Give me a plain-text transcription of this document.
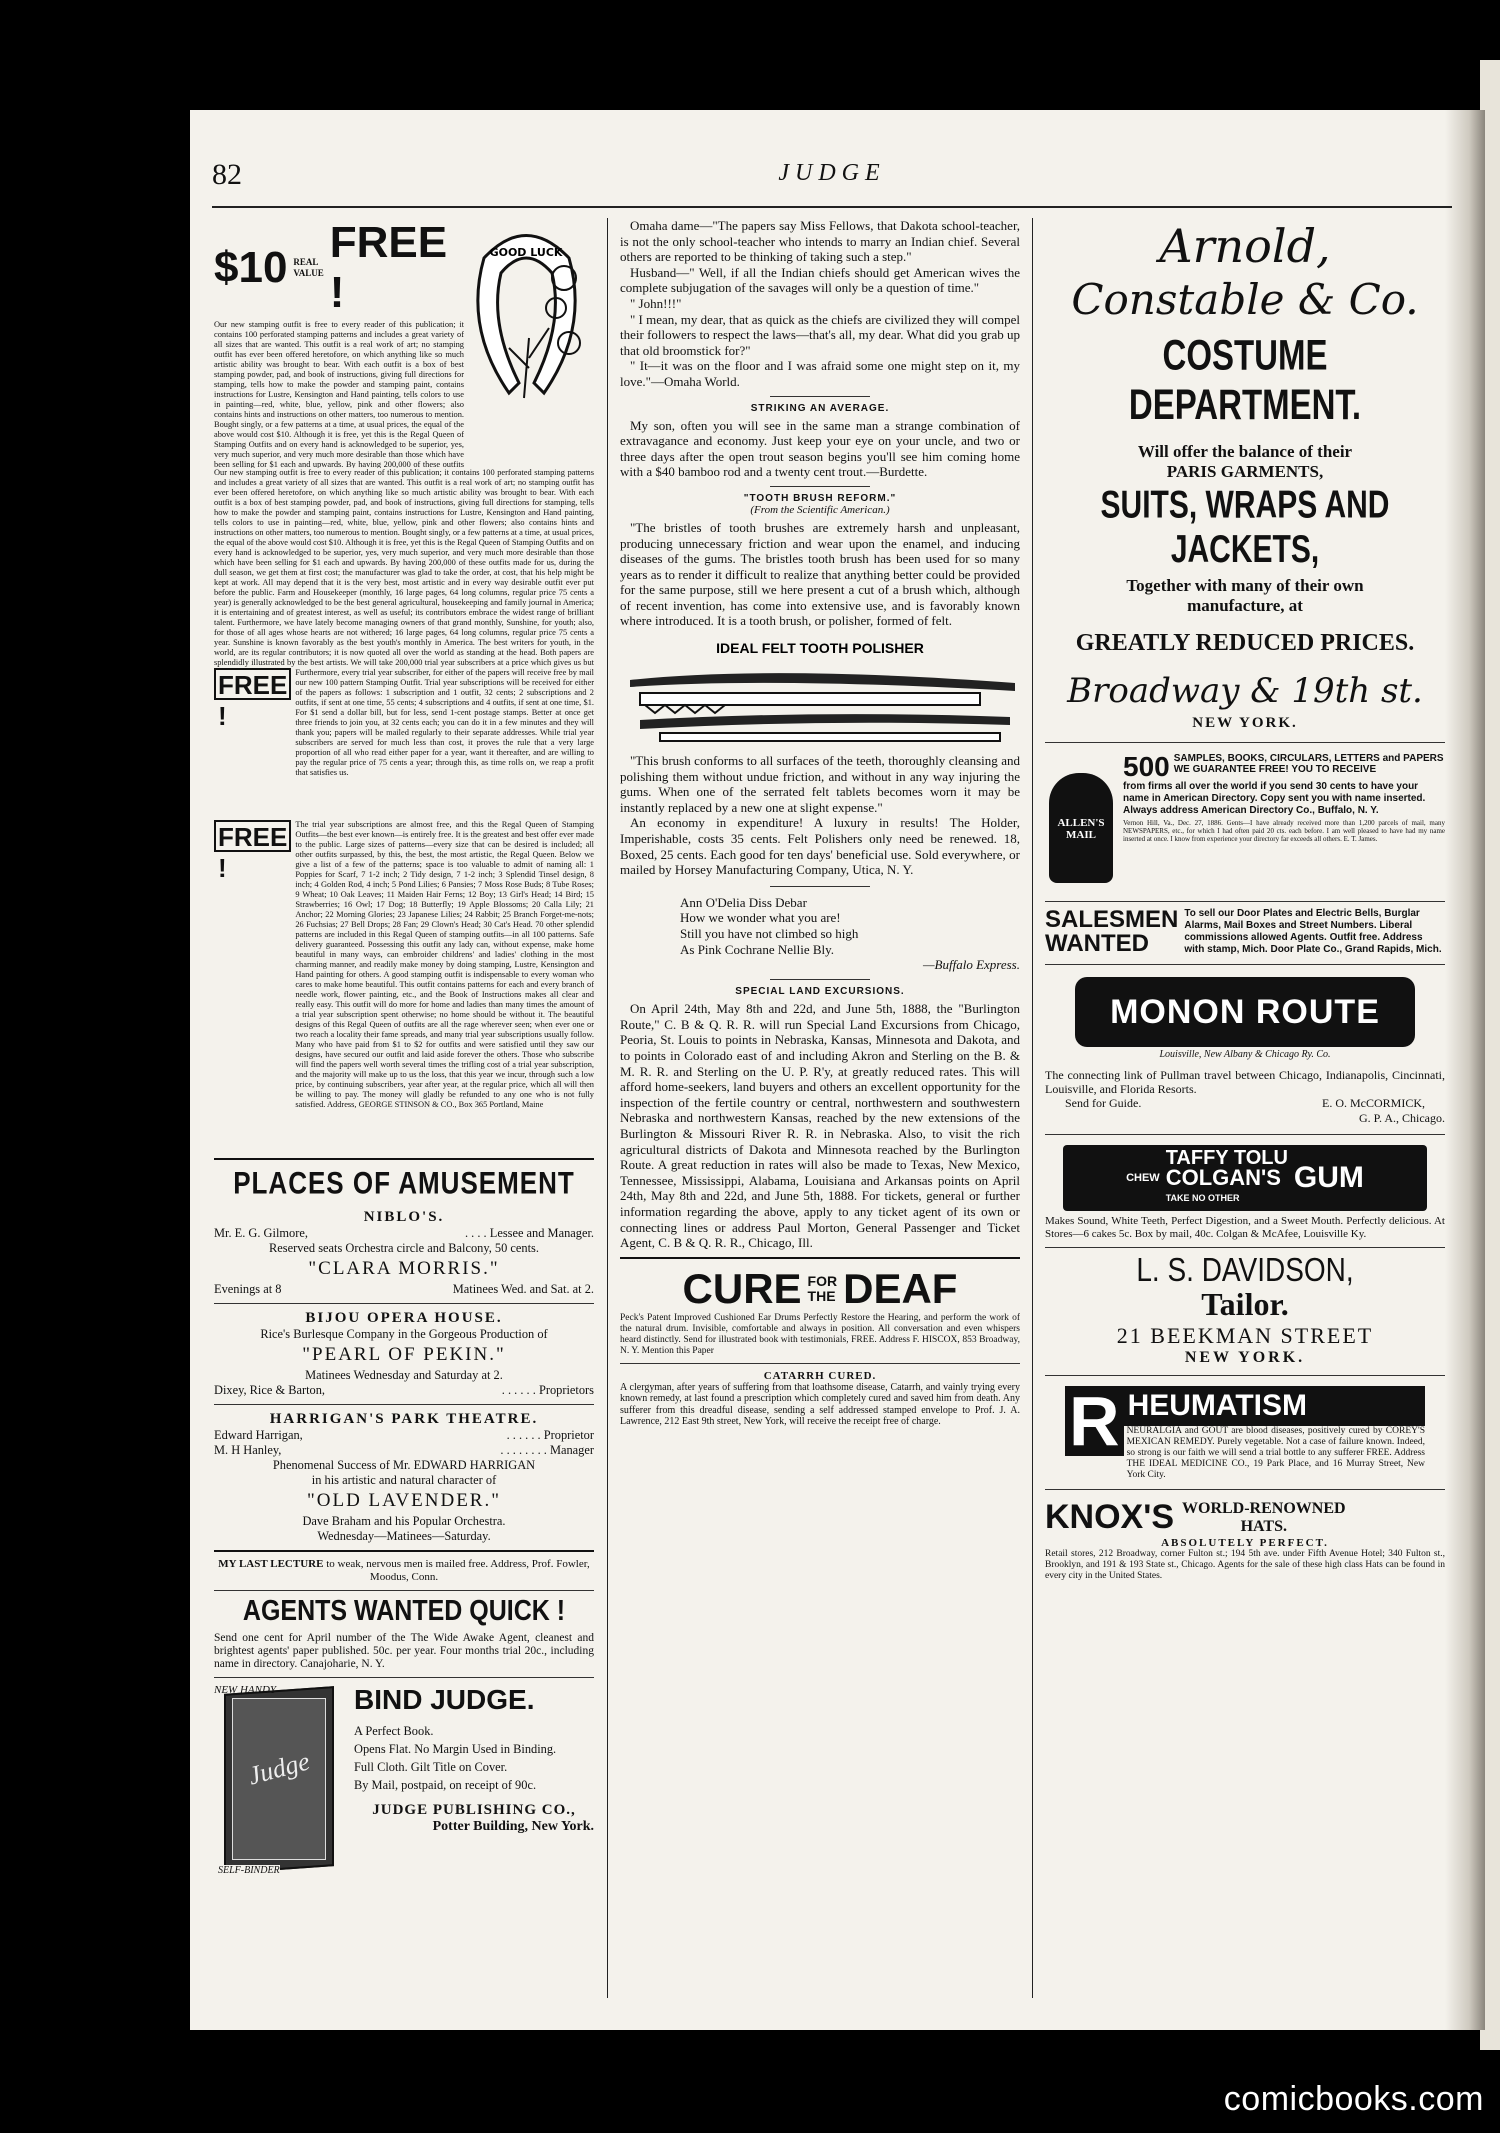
82	JUDGE
$10 REAL
VALUE
FREE !

Our new stamping outfit is free to every reader of this publication; it contains 100 perforated stamping patterns and includes a great variety of all sizes that are wanted. This outfit is a real work of art; no stamping outfit has ever been offered heretofore, on which anything like so much artistic ability was brought to bear. With each outfit is a box of best stamping powder, pad, and book of instructions, giving full directions for stamping, tells how to make the powder and stamping paint, contains instructions for Lustre, Kensington and Hand painting, tells colors to use in painting—red, white, blue, yellow, pink and other flowers; also contains hints and instructions on other matters, too numerous to mention. Bought singly, or a few patterns at a time, at usual prices, the equal of the above would cost $10. Although it is free, yet this is the Regal Queen of Stamping Outfits and on every hand is acknowledged to be superior, yes, very much superior, and very much more desirable than those which have been selling for $1 each and upwards. By having 200,000 of these outfits

GOOD LUCK

Our new stamping outfit is free to every reader of this publication; it contains 100 perforated stamping patterns and includes a great variety of all sizes that are wanted. This outfit is a real work of art; no stamping outfit has ever been offered heretofore, on which anything like so much artistic ability was brought to bear. With each outfit is a box of best stamping powder, pad, and book of instructions, giving full directions for stamping, tells how to make the powder and stamping paint, contains instructions for Lustre, Kensington and Hand painting, tells colors to use in painting—red, white, blue, yellow, pink and other flowers; also contains hints and instructions on other matters, too numerous to mention. Bought singly, or a few patterns at a time, at usual prices, the equal of the above would cost $10. Although it is free, yet this is the Regal Queen of Stamping Outfits and on every hand is acknowledged to be superior, yes, very much superior, and very much more desirable than those which have been selling for $1 each and upwards. By having 200,000 of these outfits made for us, during the dull season, we get them at first cost; the manufacturer was glad to take the order, at cost, that his help might be kept at work. All may depend that it is the very best, most artistic and in every way desirable outfit ever put before the public. Farm and Housekeeper (monthly, 16 large pages, 64 long columns, regular price 75 cents a year) is generally acknowledged to be the best general agricultural, housekeeping and family journal in America; it is entertaining and of greatest interest, as well as useful; its contributors embrace the widest range of brilliant talent. Furthermore, we have lately become managing owners of that grand monthly, Sunshine, for youth; also, for those of all ages whose hearts are not withered; 16 large pages, 64 long columns, regular price 75 cents a year. Sunshine is known favorably as the best youth's monthly in America. The best writers for youth, in the world, are its regular contributors; it is now quoted all over the world as standing at the head. Both papers are splendidly illustrated by the best artists. We will take 200,000 trial year subscribers at a price which gives us but

FREE !

Furthermore, every trial year subscriber, for either of the papers will receive free by mail our new 100 pattern Stamping Outfit. Trial year subscriptions will be received for either of the papers as follows: 1 subscription and 1 outfit, 32 cents; 2 subscriptions and 2 outfits, if sent at one time, 55 cents; 4 subscriptions and 4 outfits, if sent at one time, $1. For $1 send a dollar bill, but for less, send 1-cent postage stamps. Better at once get three friends to join you, at 32 cents each; you can do it in a few minutes and they will thank you; papers will be mailed regularly to their separate addresses. While trial year subscribers are served for much less than cost, it proves the rule that a very large proportion of all who read either paper for a year, want it thereafter, and are willing to pay the regular price of 75 cents a year; through this, as time rolls on, we reap a profit that satisfies us.

FREE !

The trial year subscriptions are almost free, and this the Regal Queen of Stamping Outfits—the best ever known—is entirely free. It is the greatest and best offer ever made to the public. Large sizes of patterns—every size that can be desired is included; all other outfits surpassed, by this, the best, the most artistic, the Regal Queen. Below we give a list of a few of the patterns; space is too valuable to admit of naming all: 1 Poppies for Scarf, 7 1-2 inch; 2 Tidy design, 7 1-2 inch; 3 Splendid Tinsel design, 8 inch; 4 Golden Rod, 4 inch; 5 Pond Lilies; 6 Pansies; 7 Moss Rose Buds; 8 Tube Roses; 9 Wheat; 10 Oak Leaves; 11 Maiden Hair Ferns; 12 Boy; 13 Girl's Head; 14 Bird; 15 Strawberries; 16 Owl; 17 Dog; 18 Butterfly; 19 Apple Blossoms; 20 Calla Lily; 21 Anchor; 22 Morning Glories; 23 Japanese Lilies; 24 Rabbit; 25 Branch Forget-me-nots; 26 Fuchsias; 27 Bell Drops; 28 Fan; 29 Clown's Head; 30 Cat's Head. 70 other splendid patterns are included in this Regal Queen of stamping outfits—in all 100 patterns. Safe delivery guaranteed. Possessing this outfit any lady can, without expense, make home beautiful in many ways, can embroider childrens' and ladies' clothing in the most charming manner, and readily make money by doing stamping, Lustre, Kensington and Hand painting for others. A good stamping outfit is indispensable to every woman who cares to make home beautiful. This outfit contains patterns for each and every branch of needle work, flower painting, etc., and the Book of Instructions makes all clear and really easy. This outfit will do more for home and ladies than many times the amount of a trial year subscription spent otherwise; no home should be without it. The beautiful designs of this Regal Queen of outfits are all the rage wherever seen; when ever one or two reach a locality their fame spreads, and many trial year subscriptions usually follow. Many who have paid from $1 to $2 for outfits and were satisfied until they saw our designs, have secured our outfit and laid aside forever the others. Those who subscribe will find the papers well worth several times the trifling cost of a trial year subscription, and the majority will make up to us the loss, that this year we incur, through such a low price, by continuing subscribers, year after year, at the regular price, which all will then be willing to pay. The money will gladly be refunded to any one who is not fully satisfied. Address, GEORGE STINSON & CO., Box 365 Portland, Maine

PLACES OF AMUSEMENT
NIBLO'S.
Mr. E. G. Gilmore,	. . . . Lessee and Manager.
Reserved seats Orchestra circle and Balcony, 50 cents.
"CLARA MORRIS."
Evenings at 8	Matinees Wed. and Sat. at 2.
BIJOU OPERA HOUSE.
Rice's Burlesque Company in the Gorgeous Production of
"PEARL OF PEKIN."
Matinees Wednesday and Saturday at 2.
Dixey, Rice & Barton,	. . . . . . Proprietors
HARRIGAN'S PARK THEATRE.
Edward Harrigan,	. . . . . . Proprietor
M. H Hanley,	. . . . . . . . Manager
Phenomenal Success of Mr. EDWARD HARRIGAN
in his artistic and natural character of
"OLD LAVENDER."
Dave Braham and his Popular Orchestra.
Wednesday—Matinees—Saturday.
MY LAST LECTURE to weak, nervous men is mailed free. Address, Prof. Fowler, Moodus, Conn.
AGENTS WANTED QUICK !

Send one cent for April number of the The Wide Awake Agent, cleanest and brightest agents' paper published. 50c. per year. Four months trial 20c., including name in directory. Canajoharie, N. Y.

NEW HANDY
Judge
SELF-BINDER
BIND JUDGE.
A Perfect Book.
Opens Flat. No Margin Used in Binding.
Full Cloth. Gilt Title on Cover.
By Mail, postpaid, on receipt of 90c.
JUDGE PUBLISHING CO.,
Potter Building, New York.

Omaha dame—"The papers say Miss Fellows, that Dakota school-teacher, is not the only school-teacher who intends to marry an Indian chief. Several others are reported to be thinking of taking such a step."

Husband—" Well, if all the Indian chiefs should get American wives the complete subjugation of the savages will only be a question of time."

" John!!!"

" I mean, my dear, that as quick as the chiefs are civilized they will compel their followers to respect the laws—that's all, my dear. What did you grab up that old broomstick for?"

" It—it was on the floor and I was afraid some one might step on it, my love."—Omaha World.

STRIKING AN AVERAGE.

My son, often you will see in the same man a strange combination of extravagance and economy. Just keep your eye on your uncle, and two or three days after the open trout season begins you'll see him coming home with a $40 bamboo rod and a twenty cent trout.—Burdette.

"TOOTH BRUSH REFORM."
(From the Scientific American.)

"The bristles of tooth brushes are extremely harsh and unpleasant, producing unnecessary friction and wear upon the enamel, and inducing diseases of the gums. The bristles tooth brush has been used for so many years as to render it difficult to realize that anything better could be provided for the same purpose, still we here present a cut of a brush which, although of recent invention, has come into extensive use, and is favorably known where introduced. It is a tooth brush, or polisher, formed of felt.

IDEAL FELT TOOTH POLISHER

"This brush conforms to all surfaces of the teeth, thoroughly cleansing and polishing them without undue friction, and without in any way injuring the gums. When one of the serrated felt tablets becomes worn it may be instantly replaced by a new one at slight expense."

An economy in expenditure! A luxury in results! The Holder, Imperishable, costs 35 cents. Felt Polishers only need be renewed. 18, Boxed, 25 cents. Each good for ten days' beneficial use. Sold everywhere, or mailed by Horsey Manufacturing Company, Utica, N. Y.

Ann O'Delia Diss Debar
How we wonder what you are!
Still you have not climbed so high
As Pink Cochrane Nellie Bly.
—Buffalo Express.
SPECIAL LAND EXCURSIONS.

On April 24th, May 8th and 22d, and June 5th, 1888, the "Burlington Route," C. B & Q. R. R. will run Special Land Excursions from Chicago, Peoria, St. Louis to points in Nebraska, Kansas, Minnesota and Dakota, and to points in Colorado east of and including Akron and Sterling on the B. & M. R. R. and Sterling on the U. P. R'y, at greatly reduced rates. This will afford home-seekers, land buyers and others an excellent opportunity for the inspection of the fertile country or central, northwestern and southwestern Nebraska and northwestern Kansas, reached by the new extensions of the Burlington & Missouri River R. R. in Nebraska. Also, to visit the rich agricultural districts of Dakota and Minnesota reached by the Burlington Route. A great reduction in rates will also be made to Texas, New Mexico, Tennessee, Mississippi, Alabama, Louisiana and Arkansas points on April 24th, May 8th and 22d, and June 5th, 1888. For tickets, general or further information regarding the above, apply to any ticket agent of its own or connecting lines or address Paul Morton, General Passenger and Ticket Agent, C. B & Q. R. R., Chicago, Ill.

CURE FOR
THE DEAF

Peck's Patent Improved Cushioned Ear Drums Perfectly Restore the Hearing, and perform the work of the natural drum. Invisible, comfortable and always in position. All conversation and even whispers heard distinctly. Send for illustrated book with testimonials, FREE. Address F. HISCOX, 853 Broadway, N. Y. Mention this Paper

CATARRH CURED.

A clergyman, after years of suffering from that loathsome disease, Catarrh, and vainly trying every known remedy, at last found a prescription which completely cured and saved him from death. Any sufferer from this dreadful disease, sending a self addressed stamped envelope to Prof. J. A. Lawrence, 212 East 9th street, New York, will receive the receipt free of charge.

Arnold,
Constable & Co.
COSTUME DEPARTMENT.
Will offer the balance of their
PARIS GARMENTS,
SUITS, WRAPS AND JACKETS,
Together with many of their own
manufacture, at
GREATLY REDUCED PRICES.
Broadway & 19th st.
NEW YORK.
ALLEN'S MAIL
500 SAMPLES, BOOKS, CIRCULARS, LETTERS and PAPERS WE GUARANTEE FREE! YOU TO RECEIVE

from firms all over the world if you send 30 cents to have your name in American Directory. Copy sent you with name inserted. Always address American Directory Co., Buffalo, N. Y.

Vernon Hill, Va., Dec. 27, 1886. Gents—I have already received more than 1,200 parcels of mail, many NEWSPAPERS, etc., for which I had often paid 20 cts. each before. I am well pleased to have had my name inserted at once. I know from experience your directory far exceeds all others. E. T. James.

SALESMEN
WANTED

To sell our Door Plates and Electric Bells, Burglar Alarms, Mail Boxes and Street Numbers. Liberal commissions allowed Agents. Outfit free. Address with stamp, Mich. Door Plate Co., Grand Rapids, Mich.

MONON ROUTE
Louisville, New Albany & Chicago Ry. Co.

The connecting link of Pullman travel between Chicago, Indianapolis, Cincinnati, Louisville, and Florida Resorts.

Send for Guide.	E. O. McCORMICK,
G. P. A., Chicago.
CHEW
TAFFY TOLU
COLGAN'S
TAKE NO OTHER
GUM

Makes Sound, White Teeth, Perfect Digestion, and a Sweet Mouth. Perfectly delicious. At Stores—6 cakes 5c. Box by mail, 40c. Colgan & McAfee, Louisville Ky.

L. S. DAVIDSON,
Tailor.
21 BEEKMAN STREET
NEW YORK.
R HEUMATISM

NEURALGIA and GOUT are blood diseases, positively cured by COREY'S MEXICAN REMEDY. Purely vegetable. Not a case of failure known. Indeed, so strong is our faith we will send a trial bottle to any sufferer FREE. Address THE IDEAL MEDICINE CO., 19 Park Place, and 16 Murray Street, New York City.

KNOX'S WORLD-RENOWNED
HATS.
ABSOLUTELY PERFECT.

Retail stores, 212 Broadway, corner Fulton st.; 194 5th ave. under Fifth Avenue Hotel; 340 Fulton st., Brooklyn, and 191 & 193 State st., Chicago. Agents for the sale of these high class Hats can be found in every city in the United States.

comicbooks.com
